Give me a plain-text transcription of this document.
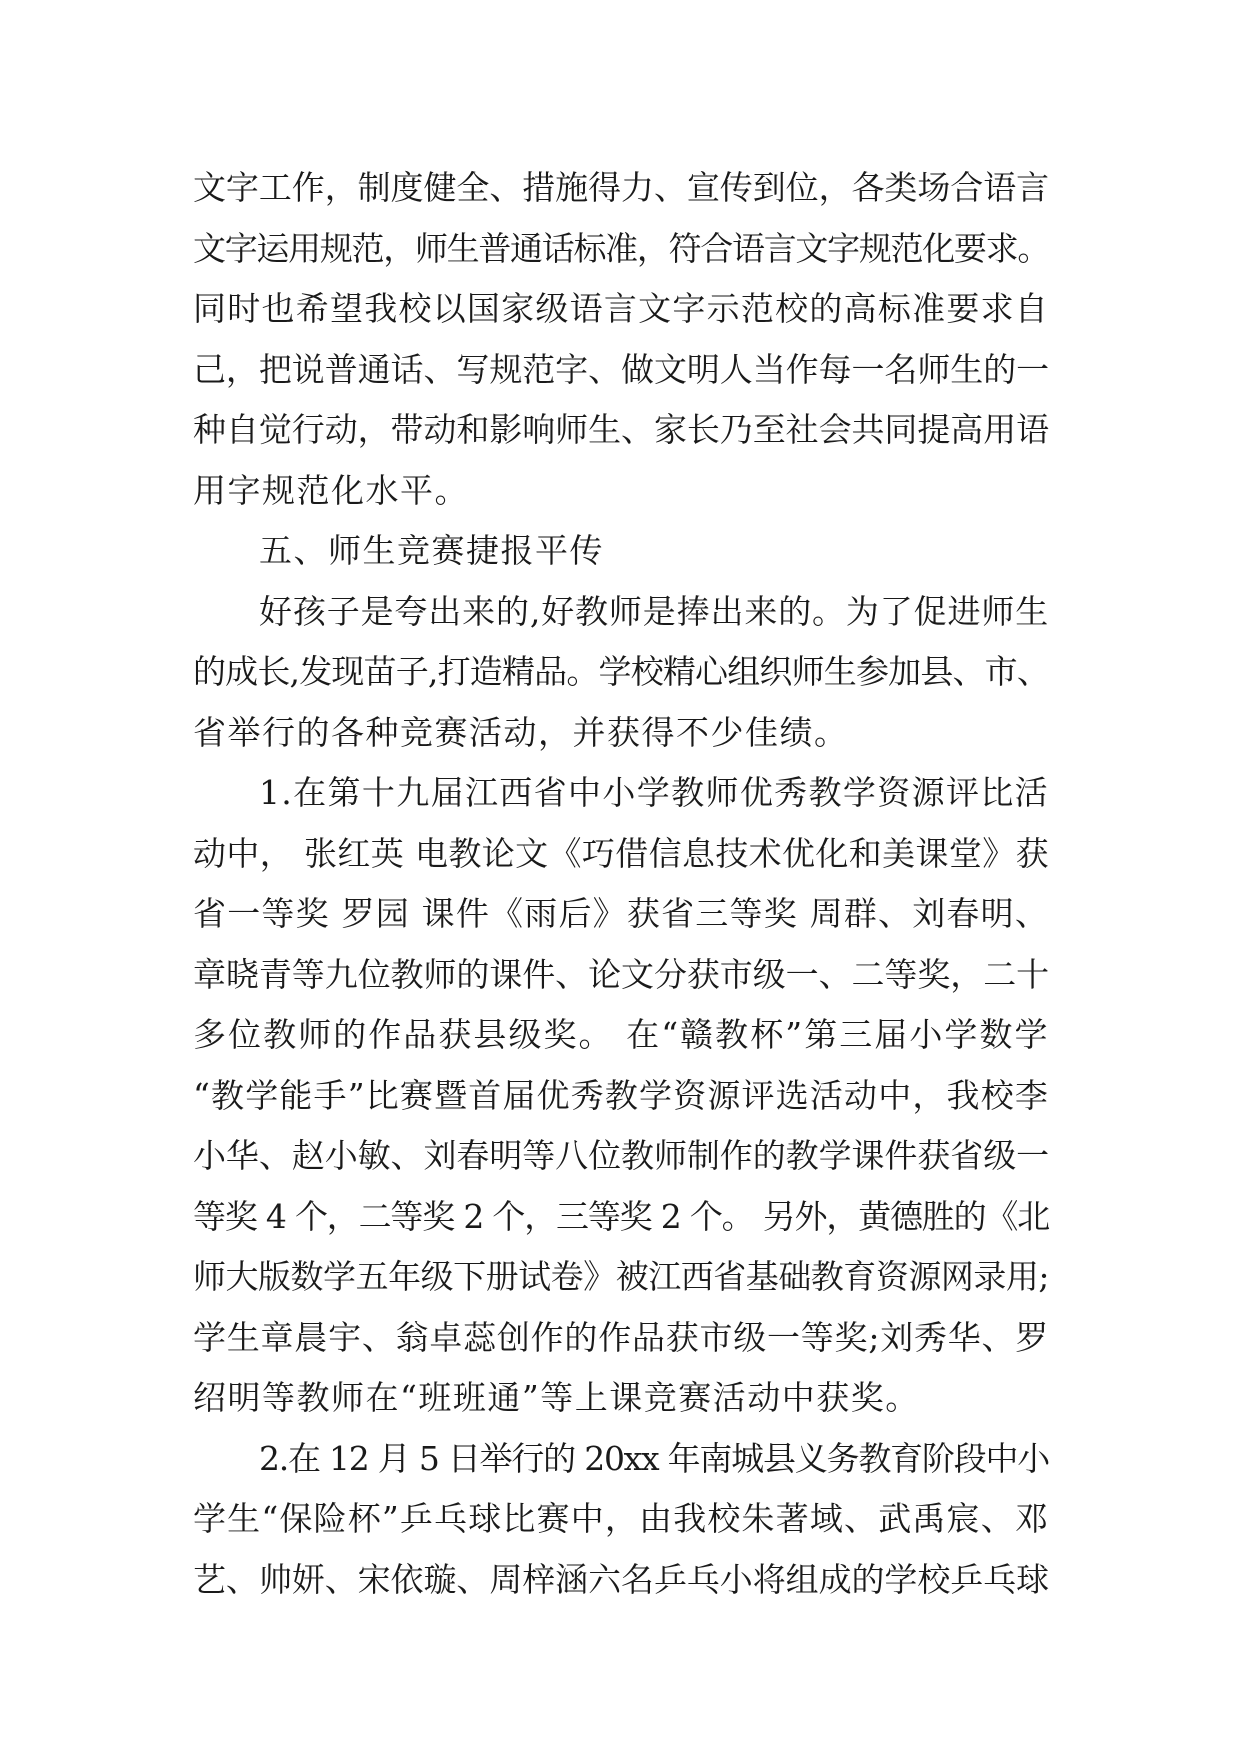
文字工作，制度健全、措施得力、宣传到位，各类场合语言
文字运用规范，师生普通话标准，符合语言文字规范化要求。
同时也希望我校以国家级语言文字示范校的高标准要求自
己，把说普通话、写规范字、做文明人当作每一名师生的一
种自觉行动，带动和影响师生、家长乃至社会共同提高用语
用字规范化水平。
五、师生竞赛捷报平传
好孩子是夸出来的,好教师是捧出来的。为了促进师生
的成长,发现苗子,打造精品。学校精心组织师生参加县、市、
省举行的各种竞赛活动，并获得不少佳绩。
1.在第十九届江西省中小学教师优秀教学资源评比活
动中， 张红英 电教论文《巧借信息技术优化和美课堂》获
省一等奖 罗园 课件《雨后》获省三等奖 周群、刘春明、
章晓青等九位教师的课件、论文分获市级一、二等奖，二十
多位教师的作品获县级奖。 在“赣教杯”第三届小学数学
“教学能手”比赛暨首届优秀教学资源评选活动中，我校李
小华、赵小敏、刘春明等八位教师制作的教学课件获省级一
等奖 4 个，二等奖 2 个，三等奖 2 个。 另外，黄德胜的《北
师大版数学五年级下册试卷》被江西省基础教育资源网录用;
学生章晨宇、翁卓蕊创作的作品获市级一等奖;刘秀华、罗
绍明等教师在“班班通”等上课竞赛活动中获奖。
2.在 12 月 5 日举行的 20xx 年南城县义务教育阶段中小
学生“保险杯”乒乓球比赛中，由我校朱著域、武禹宸、邓
艺、帅妍、宋依璇、周梓涵六名乒乓小将组成的学校乒乓球
